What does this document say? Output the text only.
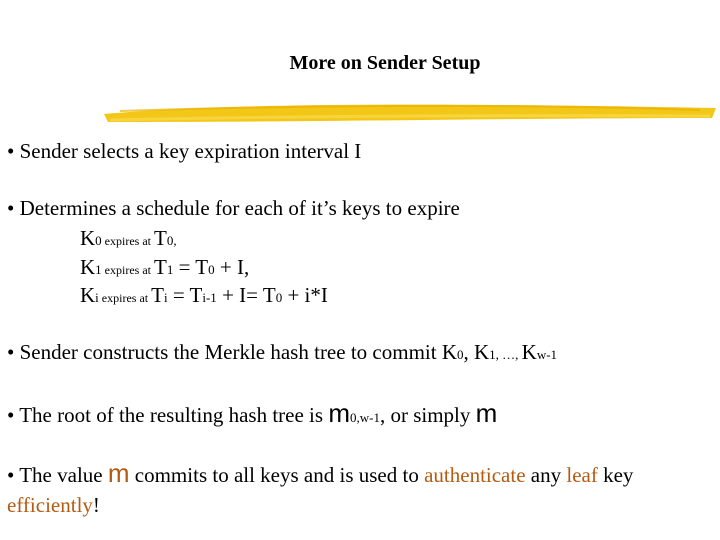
More on Sender Setup
• Sender selects a key expiration interval I
• Determines a schedule for each of it’s keys to expire
K0 expires at T0,
K1 expires at T1 = T0 + I,
Ki expires at Ti = Ti-1 + I= T0 + i*I
• Sender constructs the Merkle hash tree to commit K0, K1, …, Kw-1
• The root of the resulting hash tree is m0,w-1, or simply m
• The value m commits to all keys and is used to authenticate any leaf key
efficiently!
